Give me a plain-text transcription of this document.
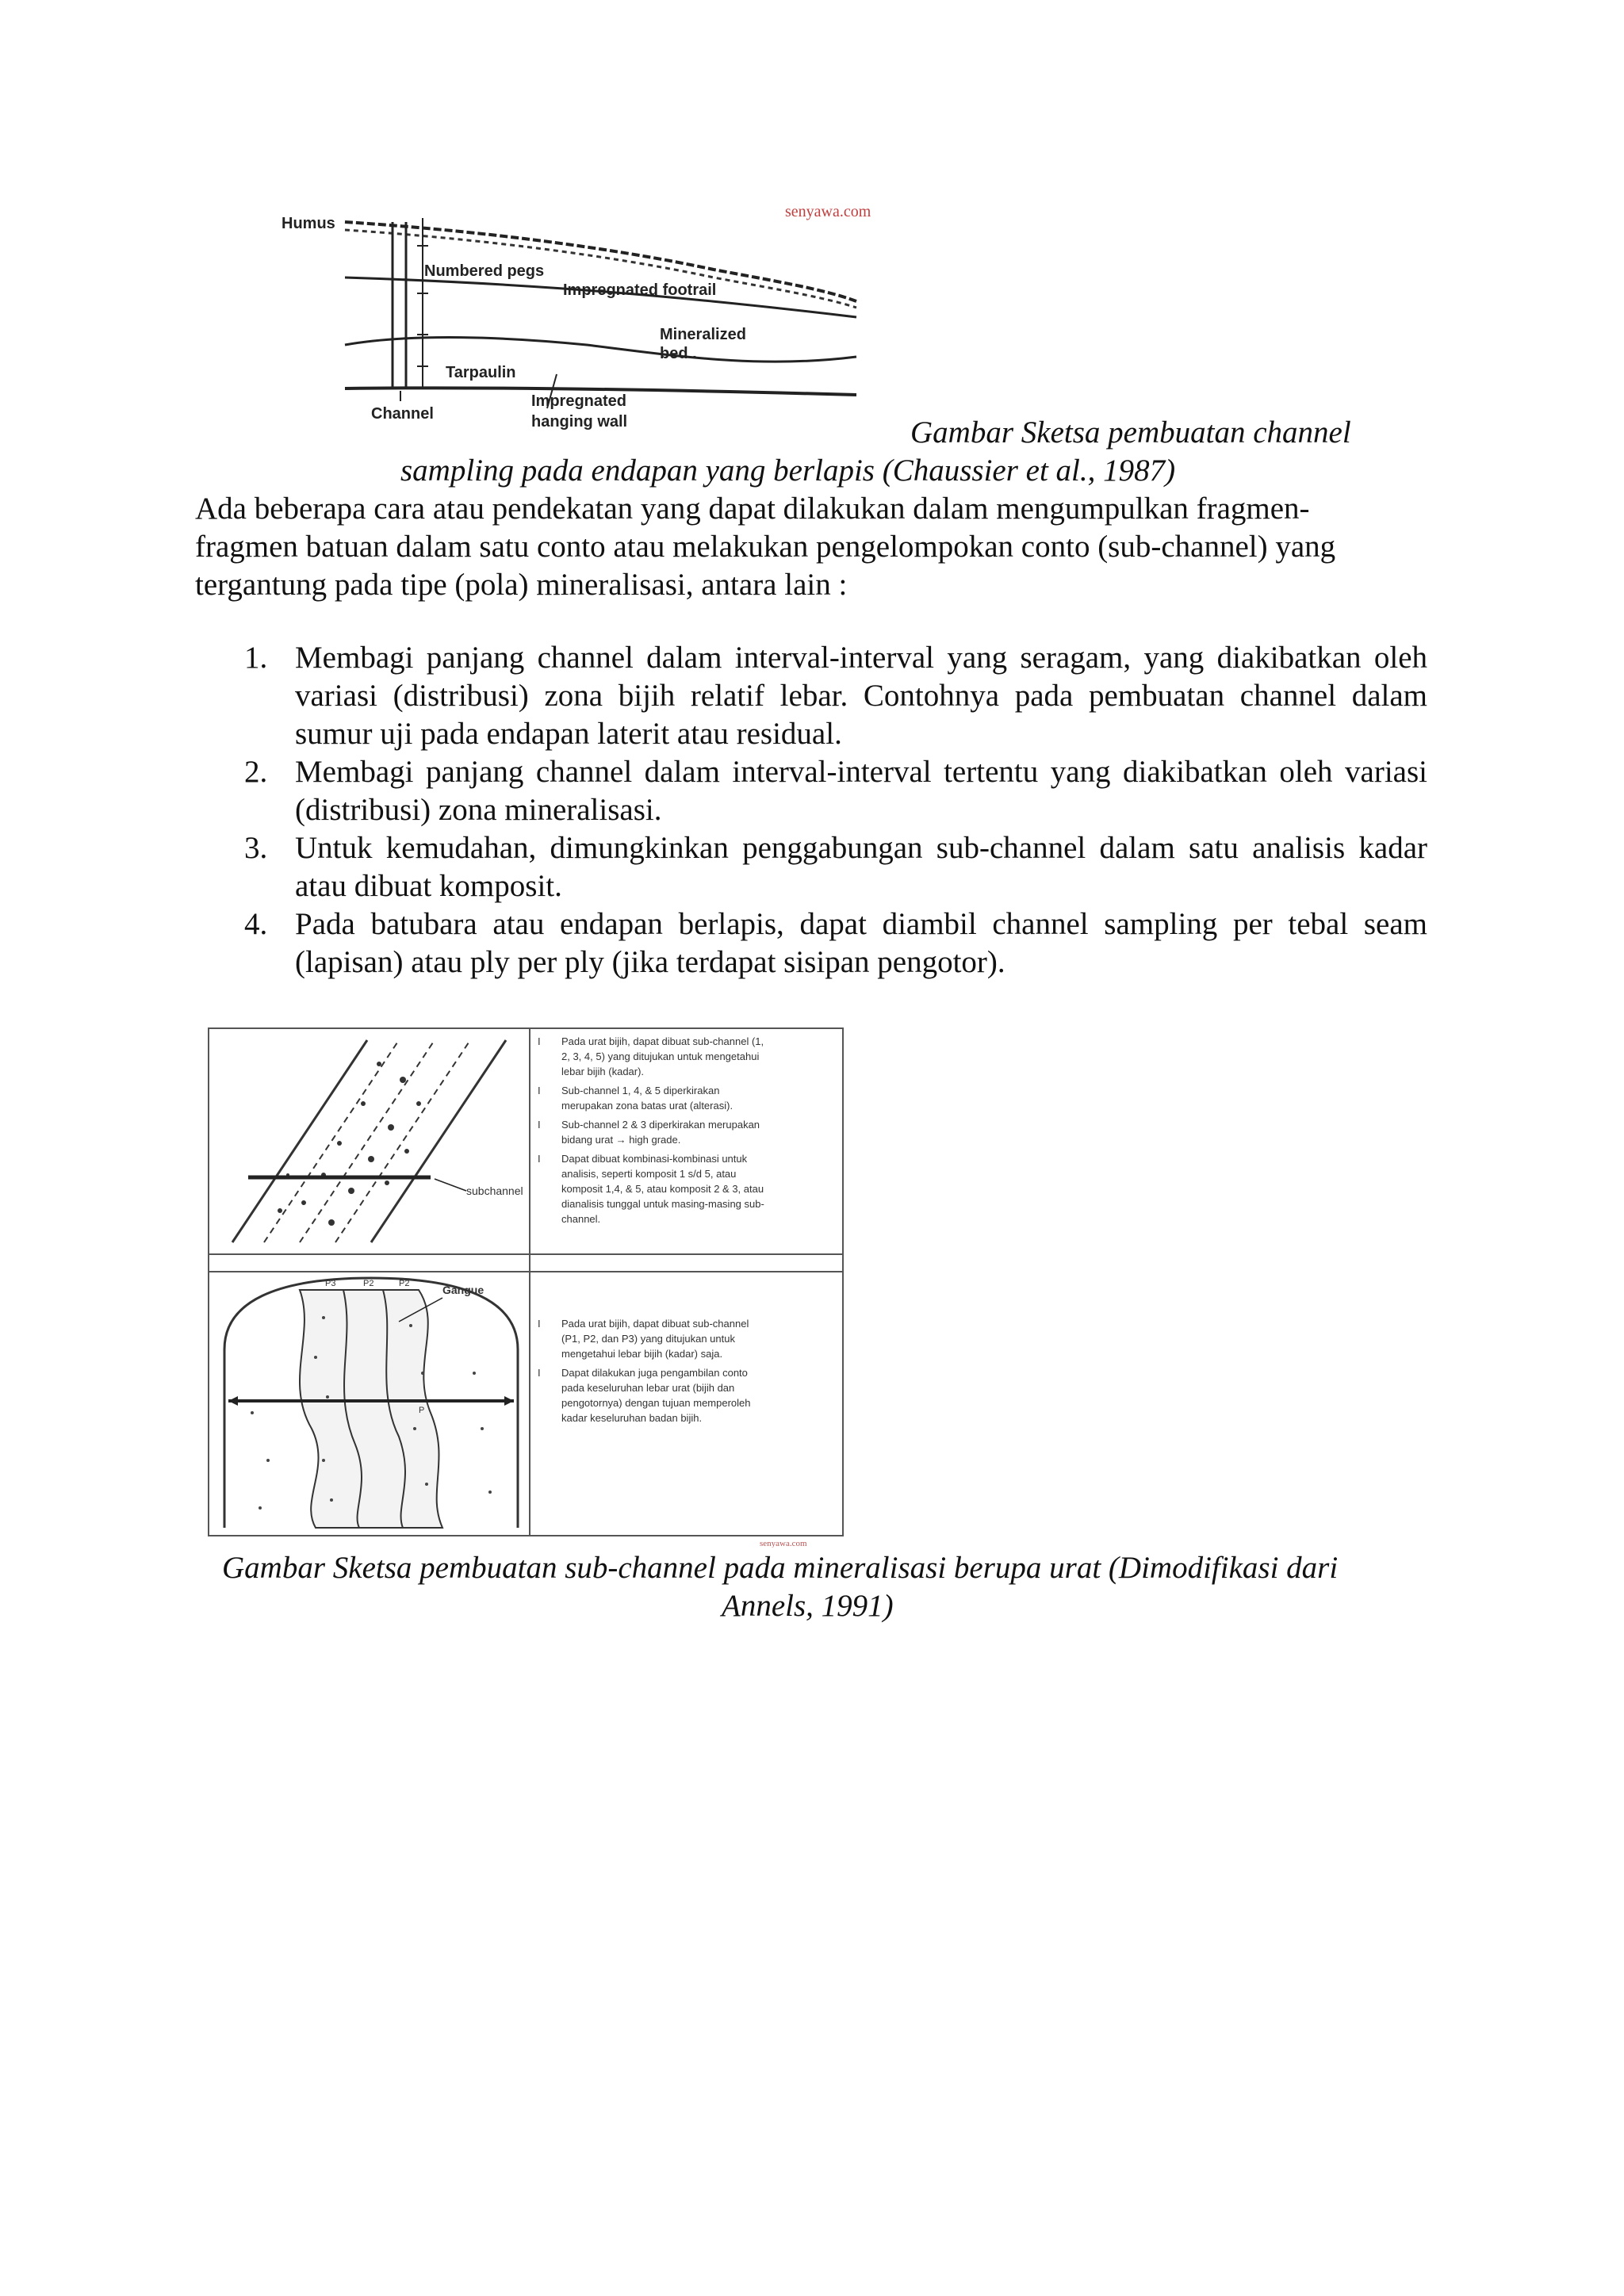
Humus
Numbered pegs
Impregnated footrail
Mineralized
bed .
Tarpaulin
Channel
Impregnated
hanging wall
senyawa.com
Gambar Sketsa pembuatan channel
sampling pada endapan yang berlapis (Chaussier et al., 1987)
Ada beberapa cara atau pendekatan yang dapat dilakukan dalam mengumpulkan fragmen-
fragmen batuan dalam satu conto atau melakukan pengelompokan conto (sub-channel) yang
tergantung pada tipe (pola) mineralisasi, antara lain :
1. Membagi panjang channel dalam interval-interval yang seragam, yang diakibatkan oleh variasi (distribusi) zona bijih relatif lebar. Contohnya pada pembuatan channel dalam sumur uji pada endapan laterit atau residual.
2. Membagi panjang channel dalam interval-interval tertentu yang diakibatkan oleh variasi (distribusi) zona mineralisasi.
3. Untuk kemudahan, dimungkinkan penggabungan sub-channel dalam satu analisis kadar atau dibuat komposit.
4. Pada batubara atau endapan berlapis, dapat diambil channel sampling per tebal seam (lapisan) atau ply per ply (jika terdapat sisipan pengotor).
subchannel
I Pada urat bijih, dapat dibuat sub-channel (1,
2, 3, 4, 5) yang ditujukan untuk mengetahui
lebar bijih (kadar).
I Sub-channel 1, 4, & 5 diperkirakan
merupakan zona batas urat (alterasi).
I Sub-channel 2 & 3 diperkirakan merupakan
bidang urat → high grade.
I Dapat dibuat kombinasi-kombinasi untuk
analisis, seperti komposit 1 s/d 5, atau
komposit 1,4, & 5, atau komposit 2 & 3, atau
dianalisis tunggal untuk masing-masing sub-
channel.
Gangue
P3	P2	P2
P
I Pada urat bijih, dapat dibuat sub-channel
(P1, P2, dan P3) yang ditujukan untuk
mengetahui lebar bijih (kadar) saja.
I Dapat dilakukan juga pengambilan conto
pada keseluruhan lebar urat (bijih dan
pengotornya) dengan tujuan memperoleh
kadar keseluruhan badan bijih.
senyawa.com
Gambar Sketsa pembuatan sub-channel pada mineralisasi berupa urat (Dimodifikasi dari
Annels, 1991)
